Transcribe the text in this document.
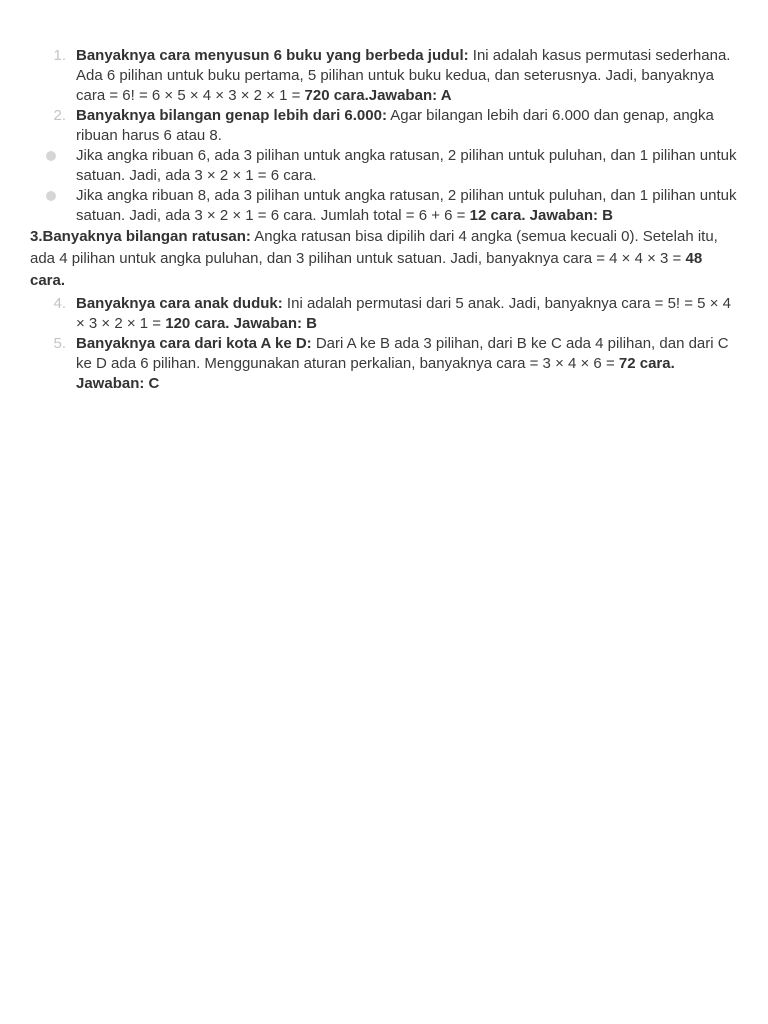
1. Banyaknya cara menyusun 6 buku yang berbeda judul: Ini adalah kasus permutasi sederhana. Ada 6 pilihan untuk buku pertama, 5 pilihan untuk buku kedua, dan seterusnya. Jadi, banyaknya cara = 6! = 6 × 5 × 4 × 3 × 2 × 1 = 720 cara.Jawaban: A
2. Banyaknya bilangan genap lebih dari 6.000: Agar bilangan lebih dari 6.000 dan genap, angka ribuan harus 6 atau 8.
Jika angka ribuan 6, ada 3 pilihan untuk angka ratusan, 2 pilihan untuk puluhan, dan 1 pilihan untuk satuan. Jadi, ada 3 × 2 × 1 = 6 cara.
Jika angka ribuan 8, ada 3 pilihan untuk angka ratusan, 2 pilihan untuk puluhan, dan 1 pilihan untuk satuan. Jadi, ada 3 × 2 × 1 = 6 cara. Jumlah total = 6 + 6 = 12 cara. Jawaban: B
3.Banyaknya bilangan ratusan: Angka ratusan bisa dipilih dari 4 angka (semua kecuali 0). Setelah itu, ada 4 pilihan untuk angka puluhan, dan 3 pilihan untuk satuan. Jadi, banyaknya cara = 4 × 4 × 3 = 48 cara.
4. Banyaknya cara anak duduk: Ini adalah permutasi dari 5 anak. Jadi, banyaknya cara = 5! = 5 × 4 × 3 × 2 × 1 = 120 cara. Jawaban: B
5. Banyaknya cara dari kota A ke D: Dari A ke B ada 3 pilihan, dari B ke C ada 4 pilihan, dan dari C ke D ada 6 pilihan. Menggunakan aturan perkalian, banyaknya cara = 3 × 4 × 6 = 72 cara. Jawaban: C
